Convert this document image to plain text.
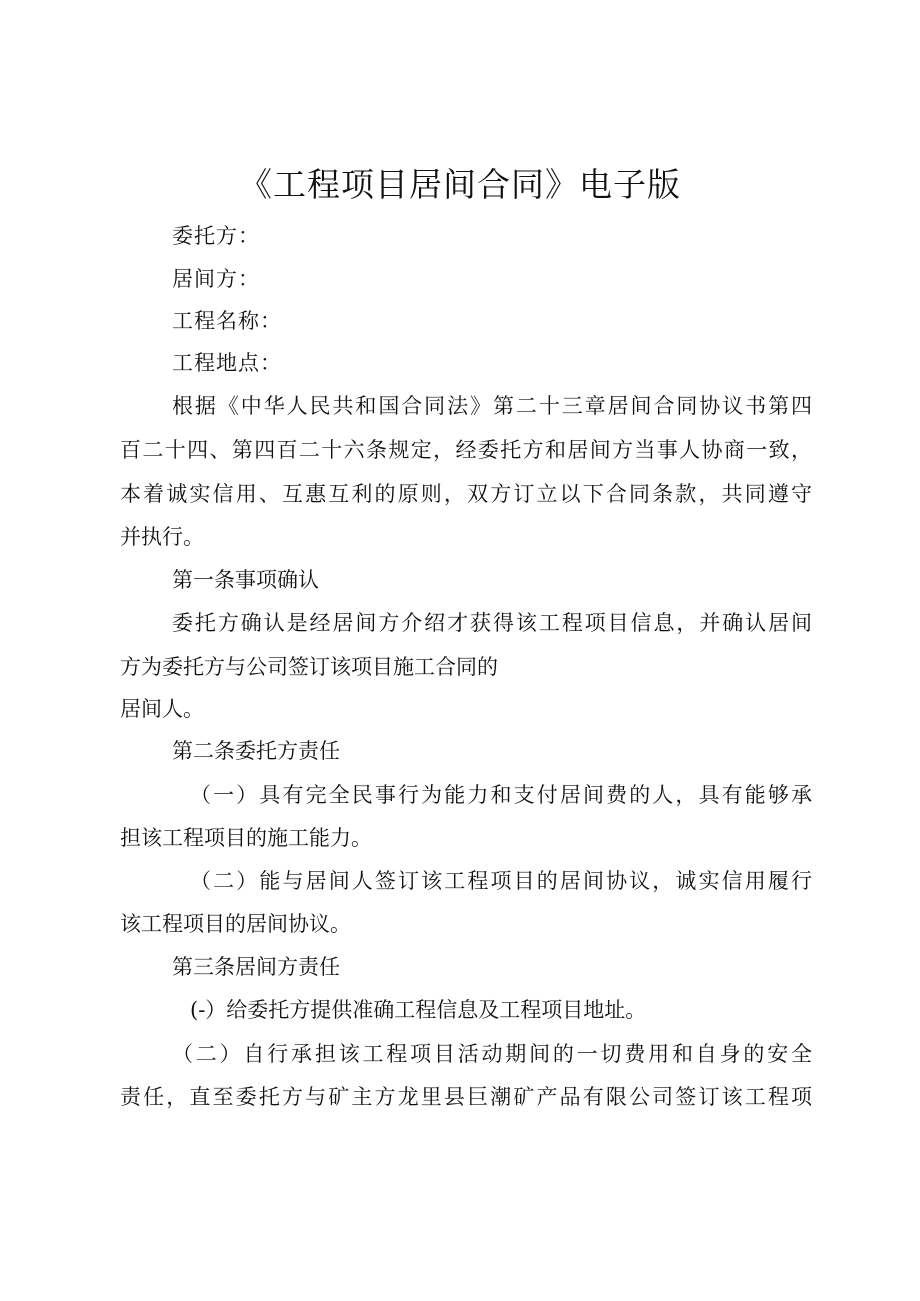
《工程项目居间合同》电子版
委托方：
居间方：
工程名称：
工程地点：
根据《中华人民共和国合同法》第二十三章居间合同协议书第四
百二十四、第四百二十六条规定，经委托方和居间方当事人协商一致，
本着诚实信用、互惠互利的原则，双方订立以下合同条款，共同遵守
并执行。
第一条事项确认
委托方确认是经居间方介绍才获得该工程项目信息，并确认居间
方为委托方与公司签订该项目施工合同的
居间人。
第二条委托方责任
（一）具有完全民事行为能力和支付居间费的人，具有能够承
担该工程项目的施工能力。
（二）能与居间人签订该工程项目的居间协议，诚实信用履行
该工程项目的居间协议。
第三条居间方责任
(-）给委托方提供准确工程信息及工程项目地址。
（二）自行承担该工程项目活动期间的一切费用和自身的安全
责任，直至委托方与矿主方龙里县巨潮矿产品有限公司签订该工程项
